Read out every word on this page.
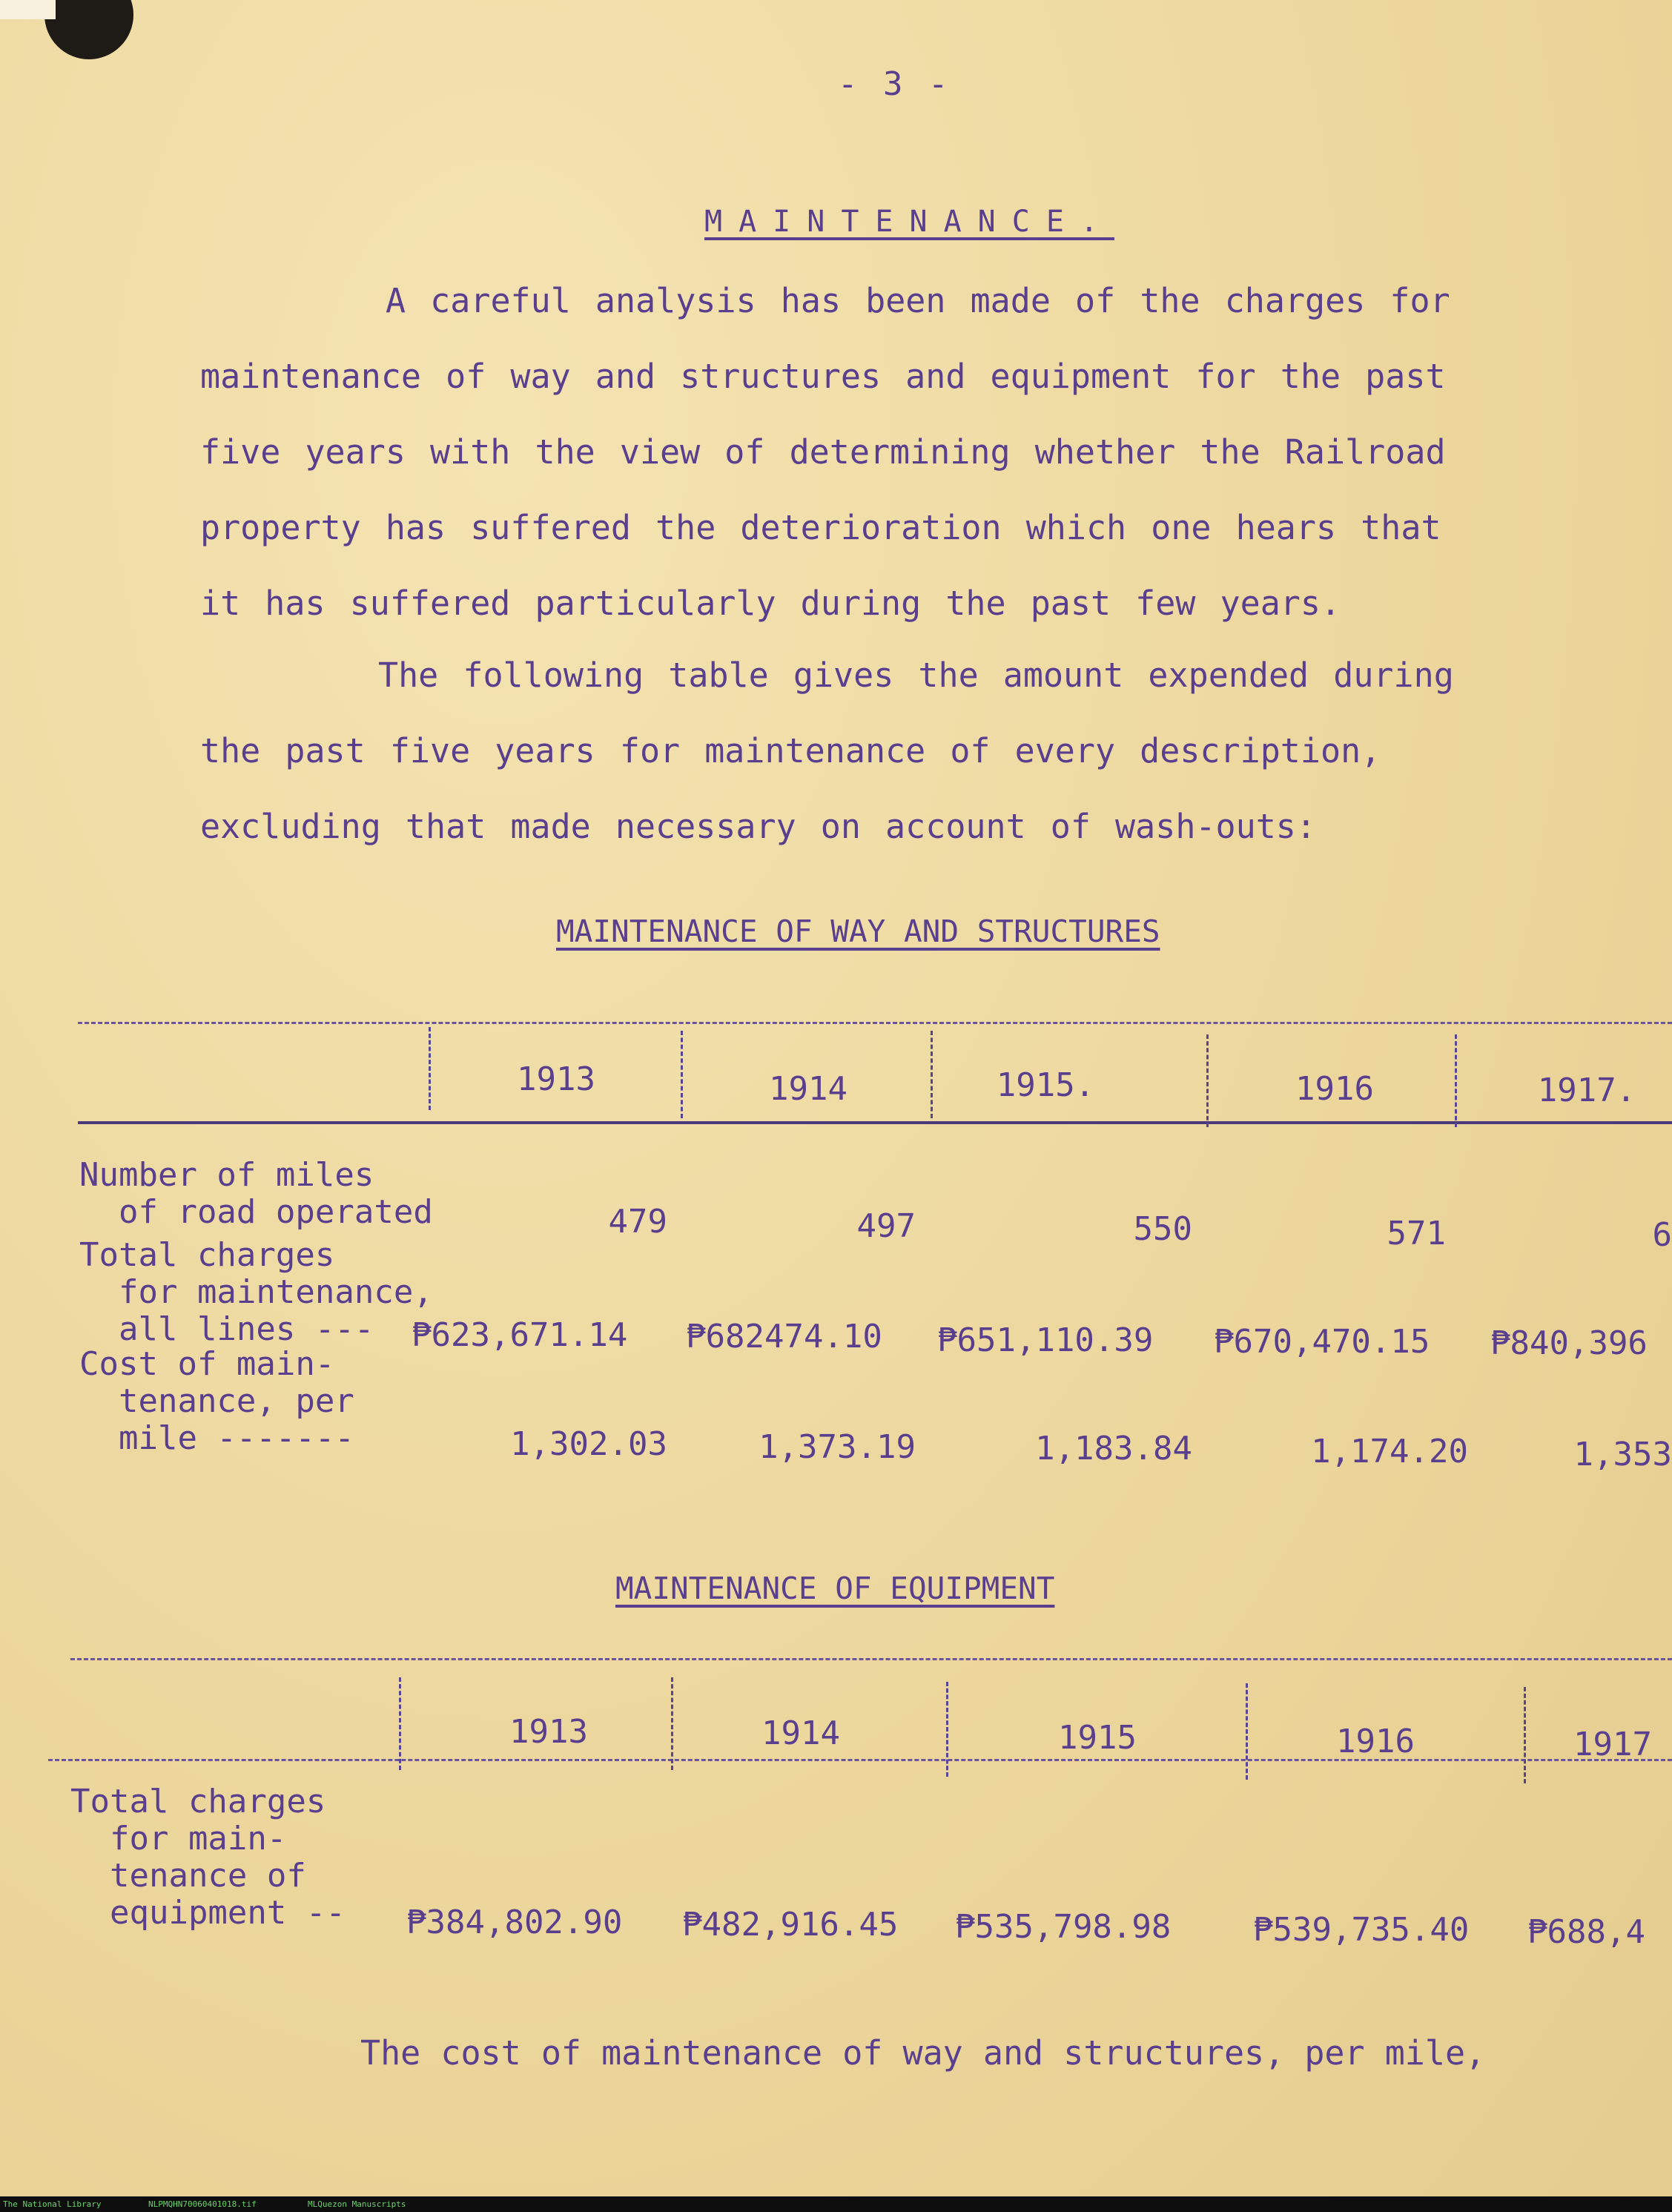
- 3 -
MAINTENANCE.
A careful analysis has been made of the charges for
maintenance of way and structures and equipment for the past
five years with the view of determining whether the Railroad
property has suffered the deterioration which one hears that
it has suffered particularly during the past few years.
The following table gives the amount expended during
the past five years for maintenance of every description,
excluding that made necessary on account of wash-outs:
MAINTENANCE OF WAY AND STRUCTURES
1913	1914	1915.	1916	1917.
Number of miles
of road operated	479	497	550	571	6
Total charges
for maintenance,
all lines ---	₱623,671.14 ₱682474.10 ₱651,110.39 ₱670,470.15 ₱840,396
Cost of main-
tenance, per
mile -------	1,302.03	1,373.19	1,183.84	1,174.20	1,353
MAINTENANCE OF EQUIPMENT
1913	1914	1915	1916	1917
Total charges
for main-
tenance of
equipment -- ₱384,802.90 ₱482,916.45 ₱535,798.98	₱539,735.40 ₱688,4
The cost of maintenance of way and structures, per mile,
The National Library	NLPMQHN70060401018.tif	MLQuezon Manuscripts
